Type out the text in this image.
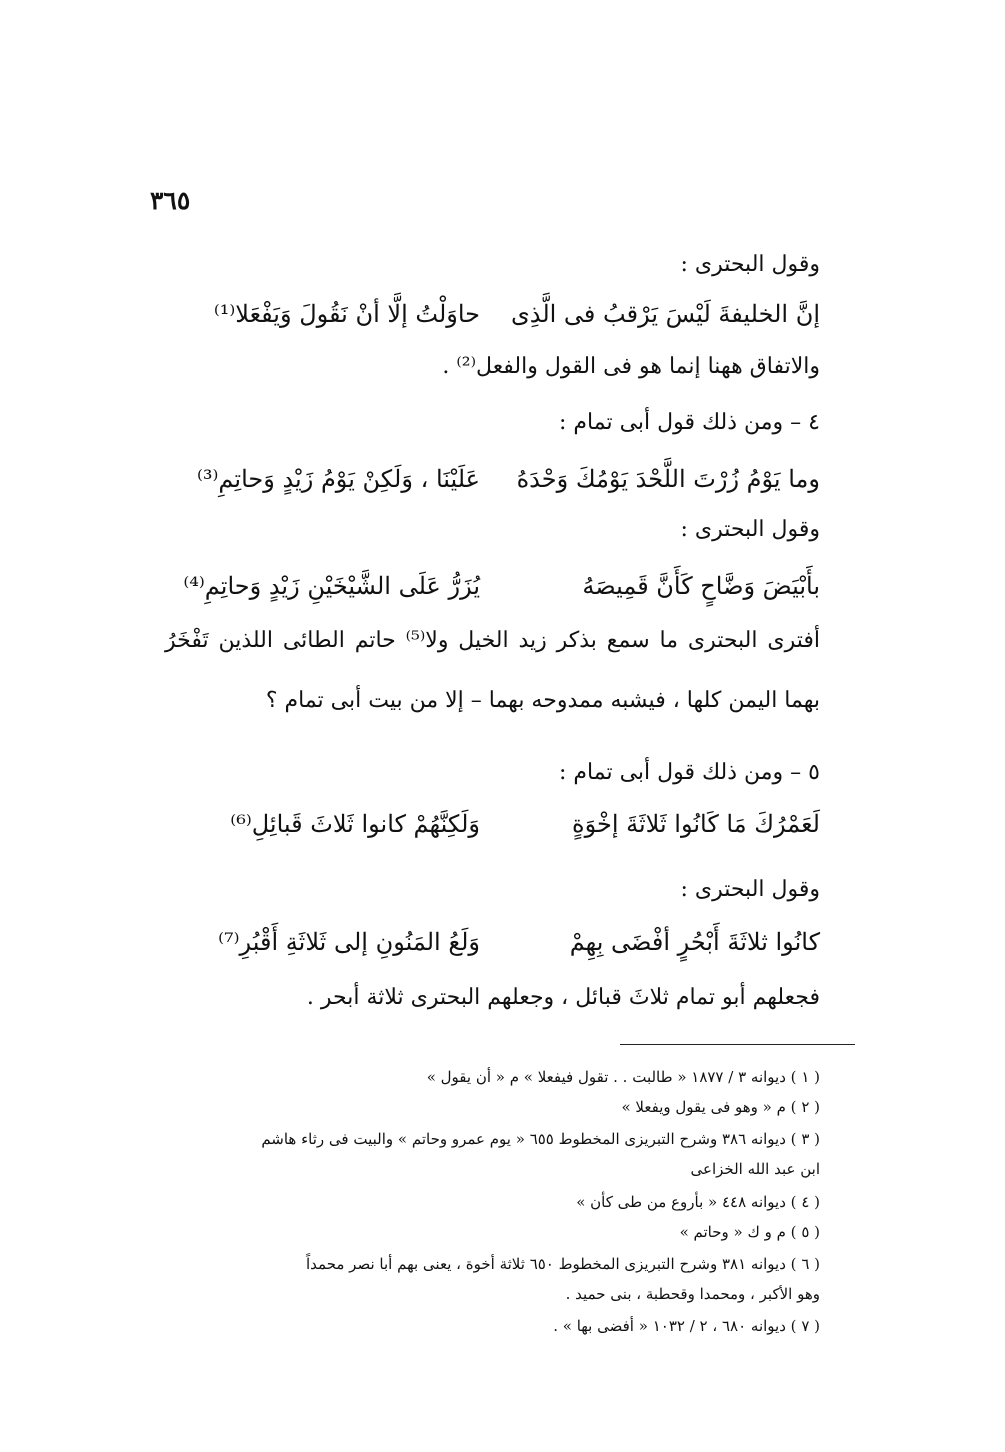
٣٦٥
وقول البحترى :
إنَّ الخليفةَ لَيْسَ يَرْقبُ فى الَّذِى
حاوَلْتُ إلَّا أنْ نَقُولَ وَيَفْعَلا⁽¹⁾
والاتفاق ههنا إنما هو فى القول والفعل⁽²⁾ .
٤ – ومن ذلك قول أبى تمام :
وما يَوْمُ زُرْتَ اللَّحْدَ يَوْمُكَ وَحْدَهُ
عَلَيْنَا ، وَلَكِنْ يَوْمُ زَيْدٍ وَحاتِمِ⁽³⁾
وقول البحترى :
بأَبْيَضَ وَضَّاحٍ كَأَنَّ قَمِيصَهُ
يُزَرُّ عَلَى الشَّيْخَيْنِ زَيْدٍ وَحاتِمِ⁽⁴⁾
أفترى البحترى ما سمع بذكر زيد الخيل ولا⁽⁵⁾ حاتم الطائى اللذين تَفْخَرُ
بهما اليمن كلها ، فيشبه ممدوحه بهما – إلا من بيت أبى تمام ؟
٥ – ومن ذلك قول أبى تمام :
لَعَمْرُكَ مَا كَانُوا ثَلاثَةَ إخْوَةٍ
وَلَكِنَّهُمْ كانوا ثَلاثَ قَبائِلِ⁽⁶⁾
وقول البحترى :
كانُوا ثلاثَةَ أَبْحُرٍ أفْضَى بِهِمْ
وَلَعُ المَنُونِ إلى ثَلاثَةِ أَقْبُرِ⁽⁷⁾
فجعلهم أبو تمام ثلاثَ قبائل ، وجعلهم البحترى ثلاثة أبحر .
( ١ ) ديوانه ٣ / ١٨٧٧ « طالبت . . تقول فيفعلا » م « أن يقول »
( ٢ ) م « وهو فى يقول ويفعلا »
( ٣ ) ديوانه ٣٨٦ وشرح التبريزى المخطوط ٦٥٥ « يوم عمرو وحاتم » والبيت فى رثاء هاشم
ابن عبد الله الخزاعى
( ٤ ) ديوانه ٤٤٨ « بأروع من طى كأن »
( ٥ ) م و ك « وحاتم »
( ٦ ) ديوانه ٣٨١ وشرح التبريزى المخطوط ٦٥٠ ثلاثة أخوة ، يعنى بهم أبا نصر محمداً
وهو الأكبر ، ومحمدا وقحطبة ، بنى حميد .
( ٧ ) ديوانه ٦٨٠ ، ٢ / ١٠٣٢ « أفضى بها » .
